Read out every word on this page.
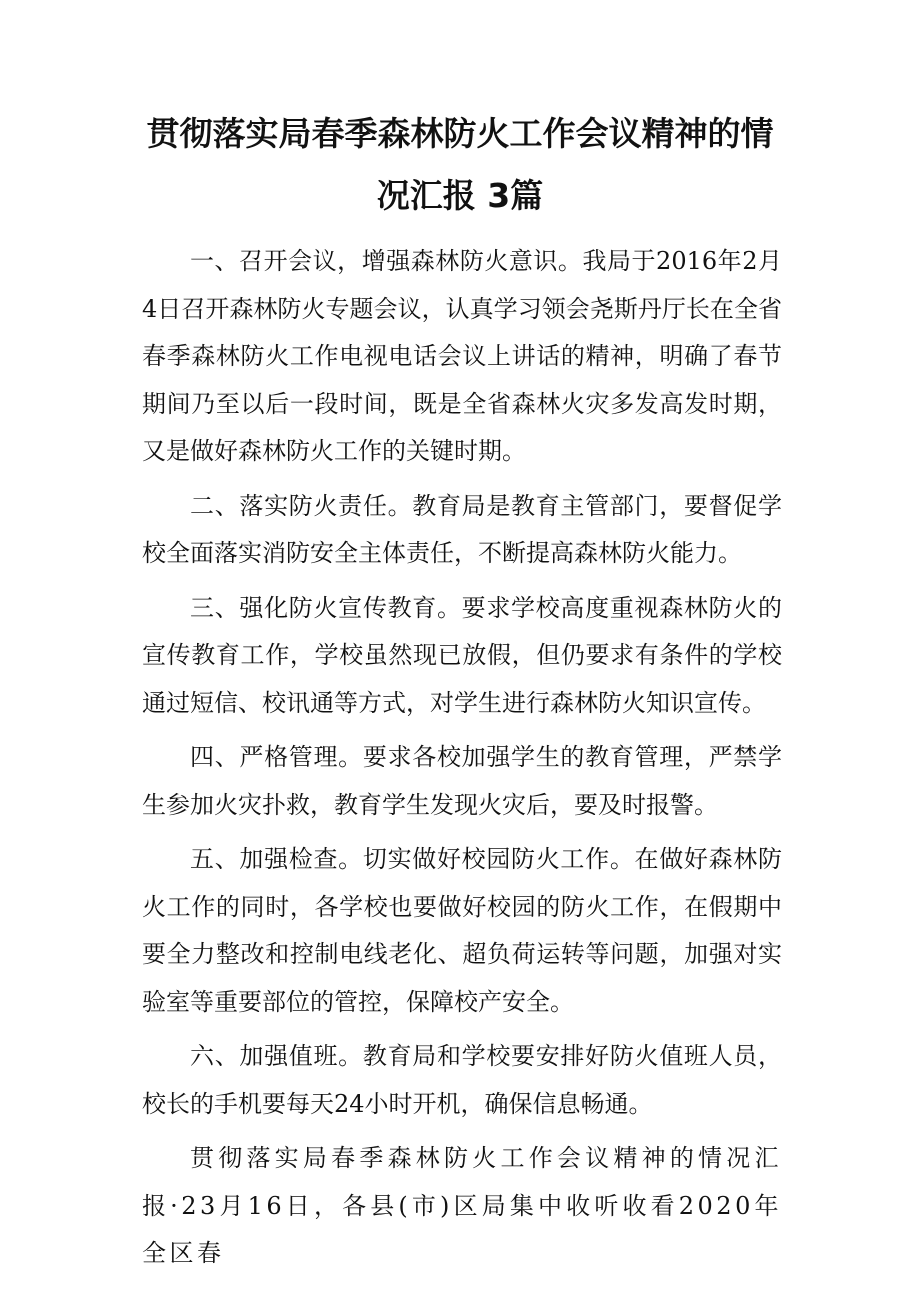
贯彻落实局春季森林防火工作会议精神的情
况汇报 3篇

一、召开会议，增强森林防火意识。我局于2016年2月4日召开森林防火专题会议，认真学习领会尧斯丹厅长在全省春季森林防火工作电视电话会议上讲话的精神，明确了春节期间乃至以后一段时间，既是全省森林火灾多发高发时期，又是做好森林防火工作的关键时期。

二、落实防火责任。教育局是教育主管部门，要督促学校全面落实消防安全主体责任，不断提高森林防火能力。

三、强化防火宣传教育。要求学校高度重视森林防火的宣传教育工作，学校虽然现已放假，但仍要求有条件的学校通过短信、校讯通等方式，对学生进行森林防火知识宣传。

四、严格管理。要求各校加强学生的教育管理，严禁学生参加火灾扑救，教育学生发现火灾后，要及时报警。

五、加强检查。切实做好校园防火工作。在做好森林防火工作的同时，各学校也要做好校园的防火工作，在假期中要全力整改和控制电线老化、超负荷运转等问题，加强对实验室等重要部位的管控，保障校产安全。

六、加强值班。教育局和学校要安排好防火值班人员，校长的手机要每天24小时开机，确保信息畅通。

贯彻落实局春季森林防火工作会议精神的情况汇报·23月16日，各县(市)区局集中收听收看2020年全区春
